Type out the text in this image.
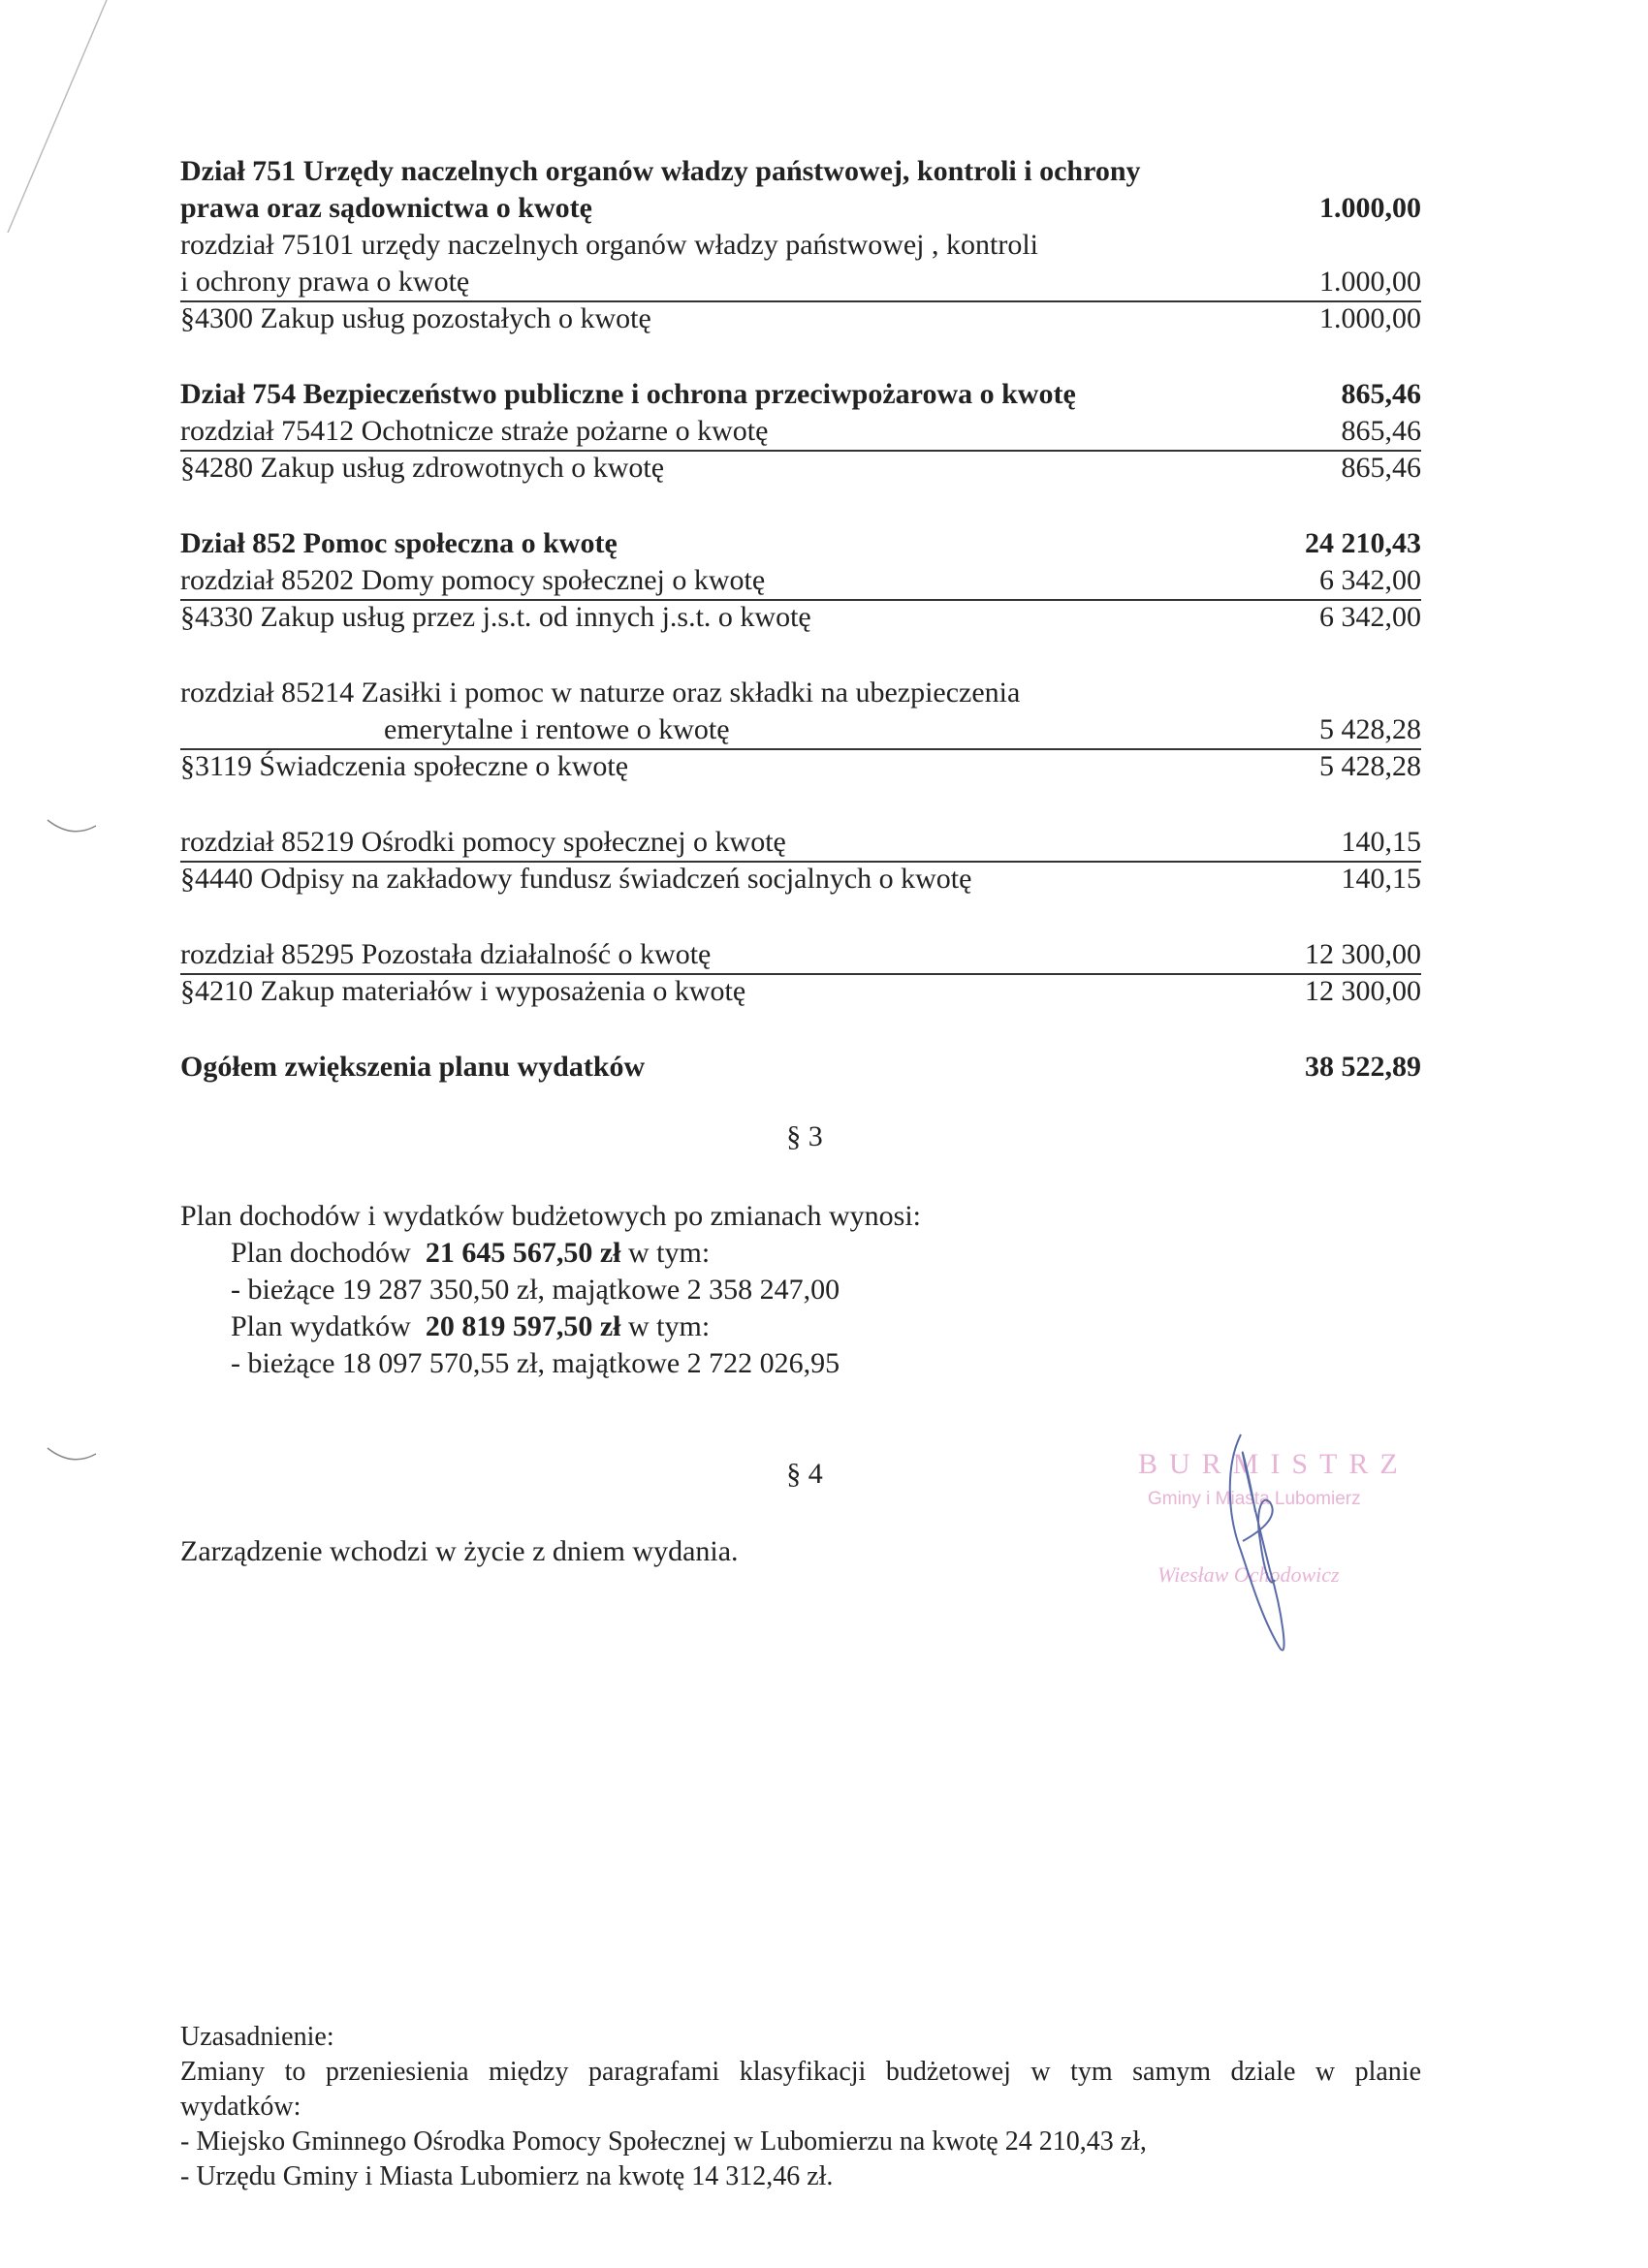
Dział 751 Urzędy naczelnych organów władzy państwowej, kontroli i ochrony
prawa oraz sądownictwa o kwotę	1.000,00
rozdział 75101 urzędy naczelnych organów władzy państwowej , kontroli
i ochrony prawa o kwotę	1.000,00
§4300 Zakup usług pozostałych o kwotę	1.000,00
Dział 754 Bezpieczeństwo publiczne i ochrona przeciwpożarowa o kwotę	865,46
rozdział 75412 Ochotnicze straże pożarne o kwotę	865,46
§4280 Zakup usług zdrowotnych o kwotę	865,46
Dział 852 Pomoc społeczna o kwotę	24 210,43
rozdział 85202 Domy pomocy społecznej o kwotę	6 342,00
§4330 Zakup usług przez j.s.t. od innych j.s.t. o kwotę	6 342,00
rozdział 85214 Zasiłki i pomoc w naturze oraz składki na ubezpieczenia
emerytalne i rentowe o kwotę	5 428,28
§3119 Świadczenia społeczne o kwotę	5 428,28
rozdział 85219 Ośrodki pomocy społecznej o kwotę	140,15
§4440 Odpisy na zakładowy fundusz świadczeń socjalnych o kwotę	140,15
rozdział 85295 Pozostała działalność o kwotę	12 300,00
§4210 Zakup materiałów i wyposażenia o kwotę	12 300,00
Ogółem zwiększenia planu wydatków	38 522,89
§ 3
Plan dochodów i wydatków budżetowych po zmianach wynosi:
Plan dochodów 21 645 567,50 zł w tym:
- bieżące 19 287 350,50 zł, majątkowe 2 358 247,00
Plan wydatków 20 819 597,50 zł w tym:
- bieżące 18 097 570,55 zł, majątkowe 2 722 026,95
§ 4
Zarządzenie wchodzi w życie z dniem wydania.
BURMISTRZ
Gminy i Miasta Lubomierz
Wiesław Ochodowicz
Uzasadnienie:
Zmiany to przeniesienia między paragrafami klasyfikacji budżetowej w tym samym dziale w planie
wydatków:
- Miejsko Gminnego Ośrodka Pomocy Społecznej w Lubomierzu na kwotę 24 210,43 zł,
- Urzędu Gminy i Miasta Lubomierz na kwotę 14 312,46 zł.
